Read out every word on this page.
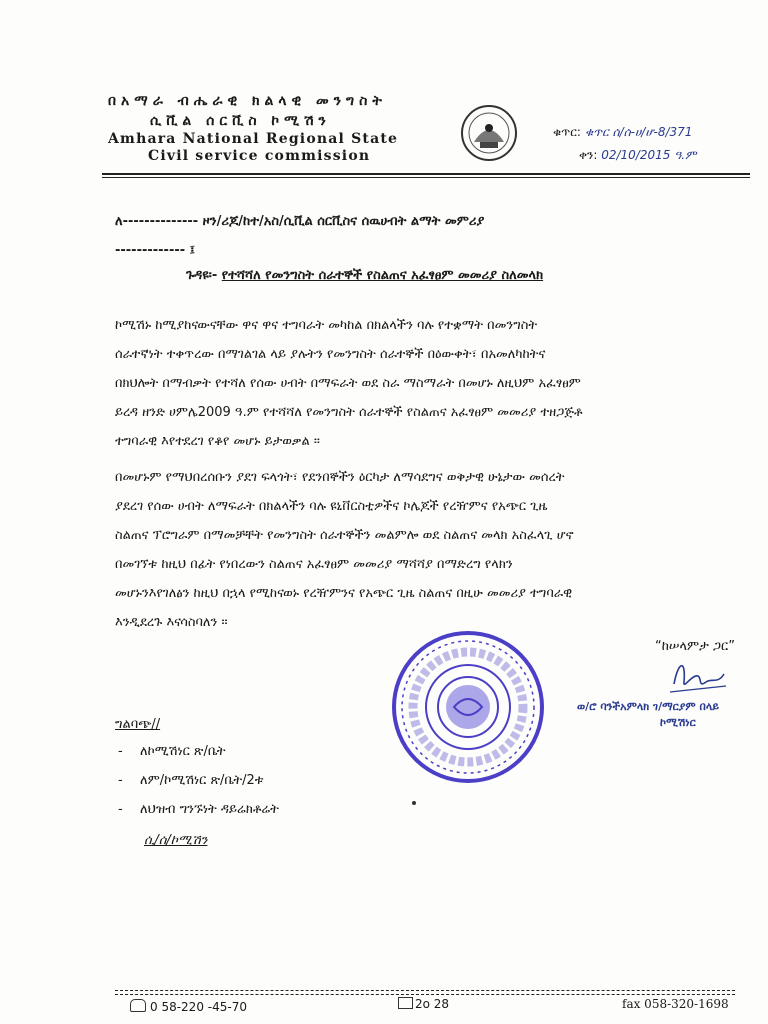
በአማራ ብሔራዊ ክልላዊ መንግስት
ሲቪል ሰርቪስ ኮሚሽን
Amhara National Regional State
Civil service commission
ቁጥር: ቁጥር ሰ/ሰ-ሀ/ሆ-8/371
ቀን: 02/10/2015 ዓ.ም
ለ-------------- ዞን/ሪጆ/ከተ/አስ/ሲቪል ሰርቪስና ሰዉሀብት ልማት መምሪያ
------------- ፤
ጉዳዩ፡- የተሻሻለ የመንግስት ሰራተኞች የስልጠና አፈፃፀም መመሪያ ስለመላክ
ኮሚሽኑ ከሚያከናውናቸው ዋና ዋና ተግባራት መካከል በክልላችን ባሉ የተቋማት በመንግስት
ሰራተኛነት ተቀጥረው በማገልገል ላይ ያሉትን የመንግስት ሰራተኞች በዕውቀት፣ በአመለካከትና
በክህሎት በማብቃት የተሻለ የሰው ሀብት በማፍራት ወደ ስራ ማስማራት በመሆኑ ለዚህም አፈፃፀም
ይረዳ ዘንድ ሀምሌ2009 ዓ.ም የተሻሻለ የመንግስት ሰራተኞች የስልጠና አፈፃፀም መመሪያ ተዘጋጅቶ
ተግባራዊ እየተደረገ የቆየ መሆኑ ይታወቃል ፡፡
በመሆኑም የማህበረሰቡን ያደገ ፍላጎት፣ የደንበኞችን ዕርካታ ለማሳደግና ወቅታዊ ሁኔታው መሰረት
ያደረገ የሰው ሀብት ለማፍራት በክልላችን ባሉ ዩኒቨርስቲዎችና ኮሌጆች የረዥምና የአጭር ጊዜ
ስልጠና ፕሮግራም በማመቻቸት የመንግስት ሰራተኞችን መልምሎ ወደ ስልጠና መላክ አስፈላጊ ሆኖ
በመገኘቱ ከዚህ በፊት የነበረውን ስልጠና አፈፃፀም መመሪያ ማሻሻያ በማድረግ የላክን
መሆኑንእየገለፅን ከዚህ በኋላ የሚከናወኑ የረዥምንና የአጭር ጊዜ ስልጠና በዚሁ መመሪያ ተግባራዊ
እንዲደረጉ እናሳስባለን ፡፡
“ከሠላምታ ጋር”
ወ/ሮ ባንችአምላክ ገ/ማርያም በላይ
ኮሚሽነር
ግልባጭ//
- ለኮሚሽነር ጽ/ቤት
- ለም/ኮሚሽነር ጽ/ቤት/2ቱ
- ለህዝብ ግንኙነት ዳይሬክቶሬት
ሲ/ሰ/ኮሚሽን
0 58-220 -45-70	2o 28	fax 058-320-1698
